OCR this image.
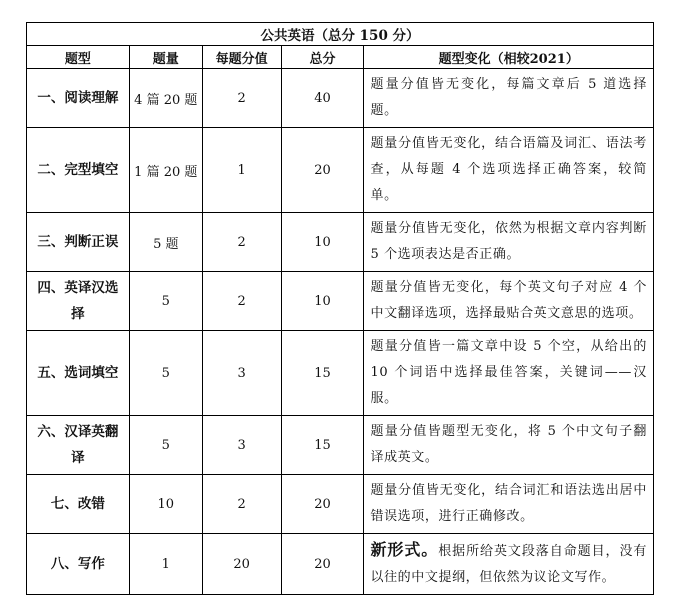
公共英语（总分 150 分）				
题型	题量	每题分值	总分	题型变化（相较2021）
一、阅读理解	4 篇 20 题	2	40	题量分值皆无变化，每篇文章后 5 道选择题。
二、完型填空	1 篇 20 题	1	20	题量分值皆无变化，结合语篇及词汇、语法考查，从每题 4 个选项选择正确答案，较简单。
三、判断正误	5 题	2	10	题量分值皆无变化，依然为根据文章内容判断 5 个选项表达是否正确。
四、英译汉选择	5	2	10	题量分值皆无变化，每个英文句子对应 4 个中文翻译选项，选择最贴合英文意思的选项。
五、选词填空	5	3	15	题量分值皆一篇文章中设 5 个空，从给出的 10 个词语中选择最佳答案，关键词——汉服。
六、汉译英翻译	5	3	15	题量分值皆题型无变化，将 5 个中文句子翻译成英文。
七、改错	10	2	20	题量分值皆无变化，结合词汇和语法选出居中错误选项，进行正确修改。
八、写作	1	20	20	新形式。根据所给英文段落自命题目，没有以往的中文提纲，但依然为议论文写作。
